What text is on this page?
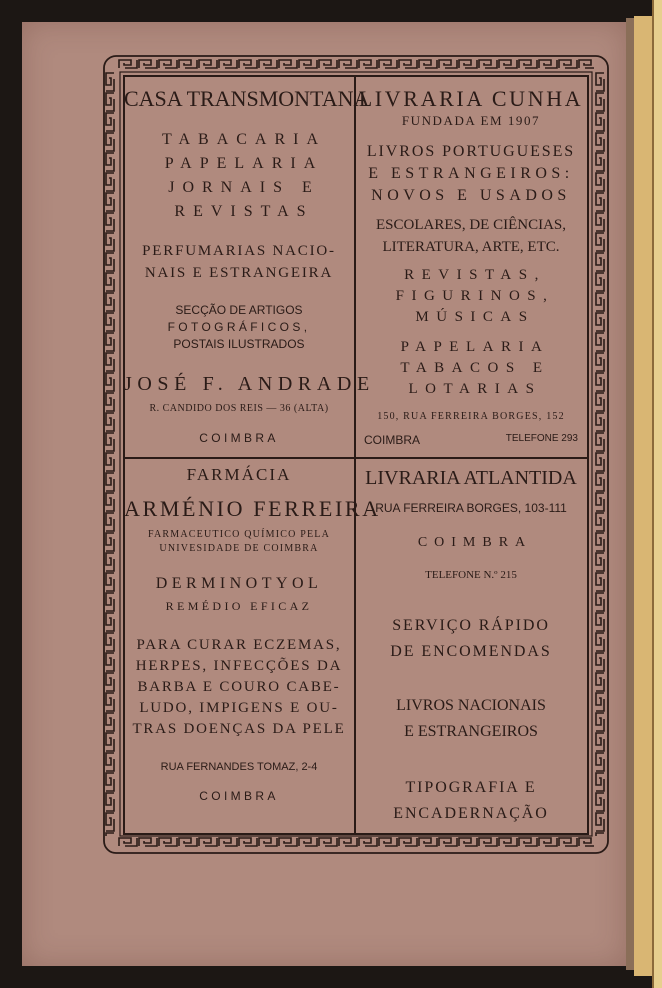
CASA TRANSMONTANA
TABACARIA
PAPELARIA
JORNAIS E
REVISTAS
PERFUMARIAS NACIO-
NAIS E ESTRANGEIRA
SECÇÃO DE ARTIGOS
FOTOGRÁFICOS,
POSTAIS ILUSTRADOS
JOSÉ F. ANDRADE
R. CANDIDO DOS REIS — 36 (ALTA)
COIMBRA
LIVRARIA CUNHA
FUNDADA EM 1907
LIVROS PORTUGUESES
E ESTRANGEIROS:
NOVOS E USADOS
ESCOLARES, DE CIÊNCIAS,
LITERATURA, ARTE, ETC.
REVISTAS,
FIGURINOS,
MÚSICAS
PAPELARIA
TABACOS E
LOTARIAS
150, RUA FERREIRA BORGES, 152
COIMBRA	TELEFONE 293
FARMÁCIA
ARMÉNIO FERREIRA
FARMACEUTICO QUÍMICO PELA
UNIVESIDADE DE COIMBRA
DERMINOTYOL
REMÉDIO EFICAZ
PARA CURAR ECZEMAS,
HERPES, INFECÇÕES DA
BARBA E COURO CABE-
LUDO, IMPIGENS E OU-
TRAS DOENÇAS DA PELE
RUA FERNANDES TOMAZ, 2-4
COIMBRA
LIVRARIA ATLANTIDA
RUA FERREIRA BORGES, 103-111
COIMBRA
TELEFONE N.º 215
SERVIÇO RÁPIDO
DE ENCOMENDAS
LIVROS NACIONAIS
E ESTRANGEIROS
TIPOGRAFIA E
ENCADERNAÇÃO
